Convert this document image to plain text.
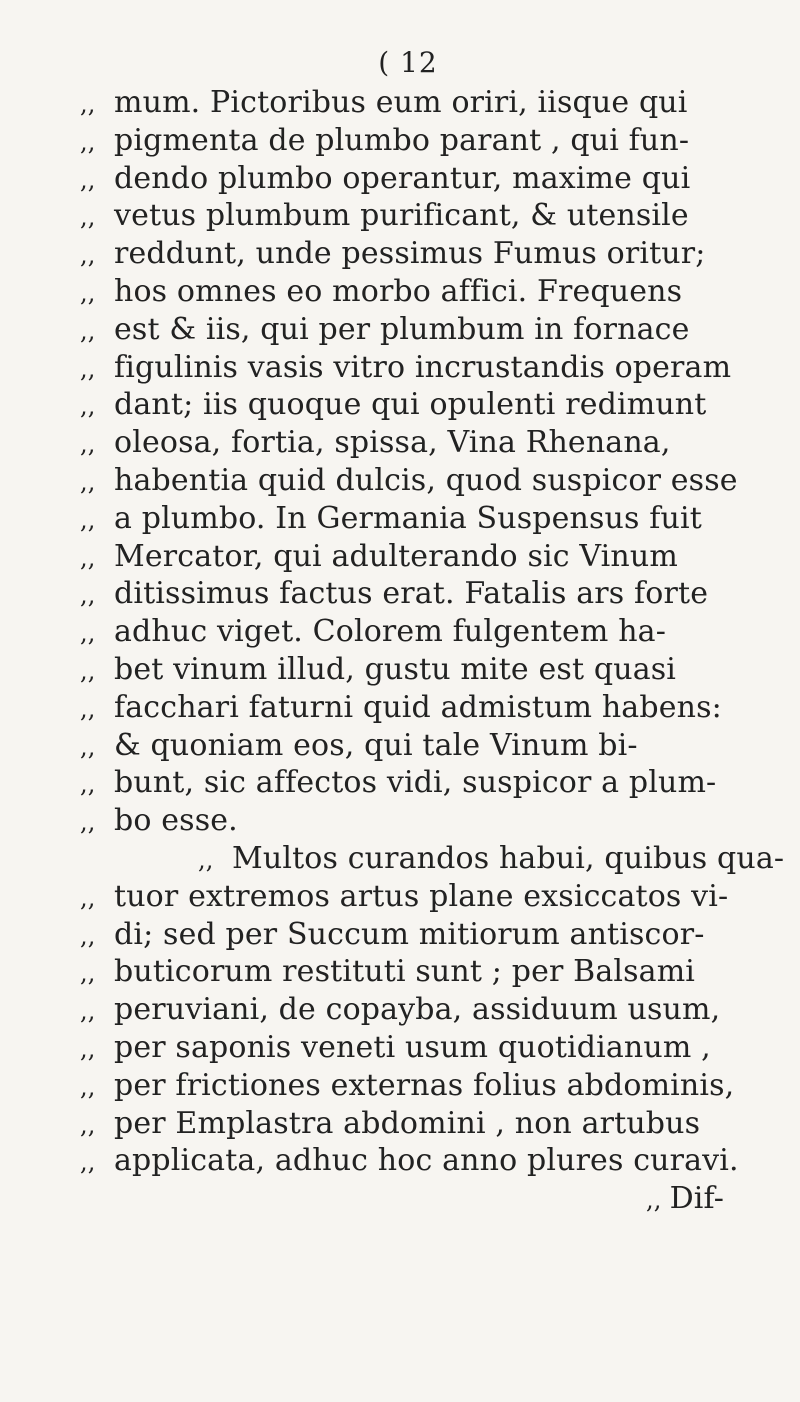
( 12
,, mum. Pictoribus eum oriri, iisque qui
,, pigmenta de plumbo parant , qui fun-
,, dendo plumbo operantur, maxime qui
,, vetus plumbum purificant, & utensile
,, reddunt, unde pessimus Fumus oritur;
,, hos omnes eo morbo affici. Frequens
,, est & iis, qui per plumbum in fornace
,, figulinis vasis vitro incrustandis operam
,, dant; iis quoque qui opulenti redimunt
,, oleosa, fortia, spissa, Vina Rhenana,
,, habentia quid dulcis, quod suspicor esse
,, a plumbo. In Germania Suspensus fuit
,, Mercator, qui adulterando sic Vinum
,, ditissimus factus erat. Fatalis ars forte
,, adhuc viget. Colorem fulgentem ha-
,, bet vinum illud, gustu mite est quasi
,, facchari faturni quid admistum habens:
,, & quoniam eos, qui tale Vinum bi-
,, bunt, sic affectos vidi, suspicor a plum-
,, bo esse.
,, Multos curandos habui, quibus qua-
,, tuor extremos artus plane exsiccatos vi-
,, di; sed per Succum mitiorum antiscor-
,, buticorum restituti sunt ; per Balsami
,, peruviani, de copayba, assiduum usum,
,, per saponis veneti usum quotidianum ,
,, per frictiones externas folius abdominis,
,, per Emplastra abdomini , non artubus
,, applicata, adhuc hoc anno plures curavi.
,, Dif-
